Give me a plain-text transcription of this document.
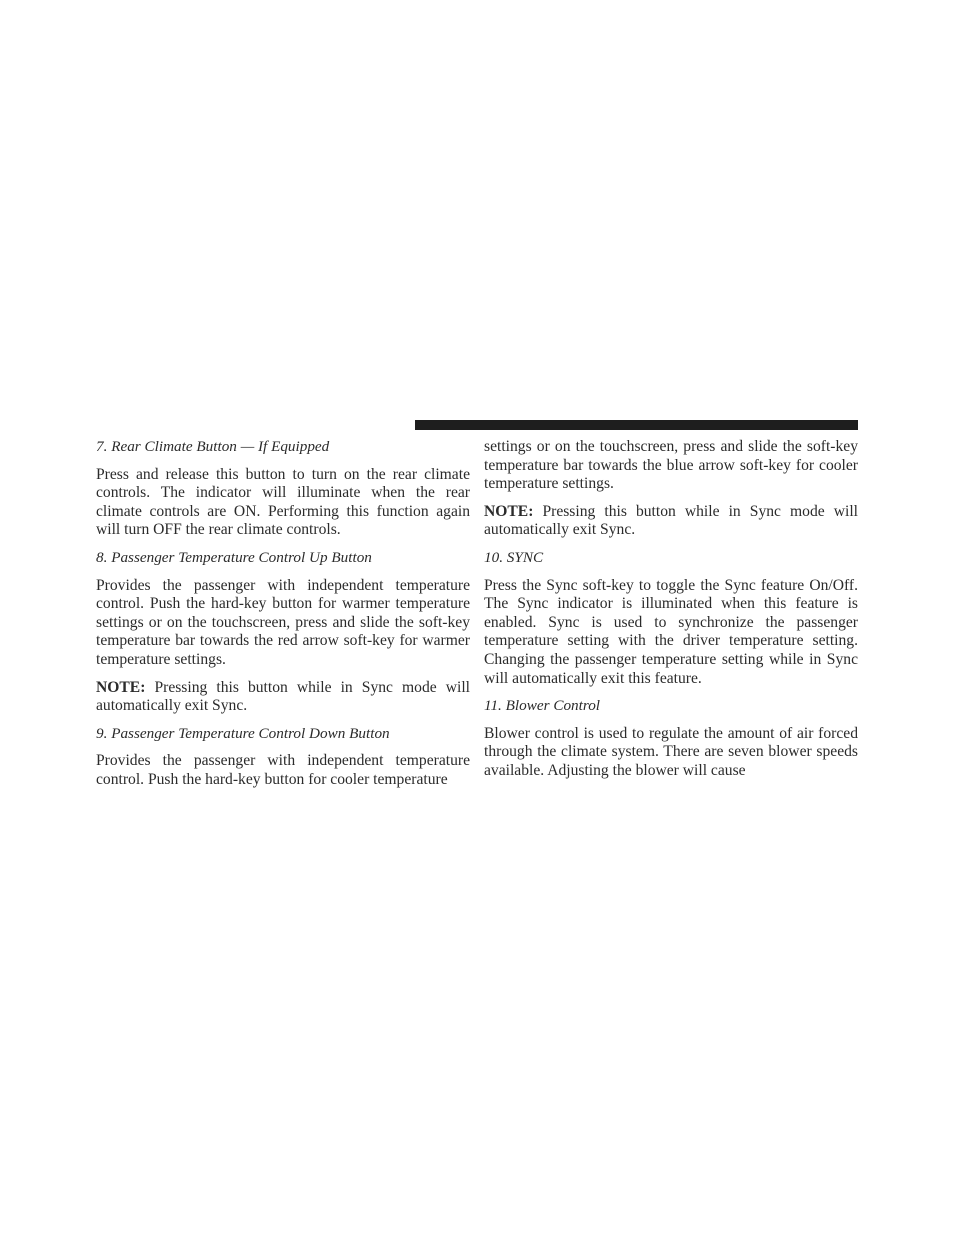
7. Rear Climate Button — If Equipped

Press and release this button to turn on the rear climate controls. The indicator will illuminate when the rear climate controls are ON. Performing this function again will turn OFF the rear climate controls.

8. Passenger Temperature Control Up Button

Provides the passenger with independent temperature control. Push the hard-key button for warmer temperature settings or on the touchscreen, press and slide the soft-key temperature bar towards the red arrow soft-key for warmer temperature settings.

NOTE: Pressing this button while in Sync mode will automatically exit Sync.

9. Passenger Temperature Control Down Button

Provides the passenger with independent temperature control. Push the hard-key button for cooler temperature

settings or on the touchscreen, press and slide the soft-key temperature bar towards the blue arrow soft-key for cooler temperature settings.

NOTE: Pressing this button while in Sync mode will automatically exit Sync.

10. SYNC

Press the Sync soft-key to toggle the Sync feature On/Off. The Sync indicator is illuminated when this feature is enabled. Sync is used to synchronize the passenger temperature setting with the driver temperature setting. Changing the passenger temperature setting while in Sync will automatically exit this feature.

11. Blower Control

Blower control is used to regulate the amount of air forced through the climate system. There are seven blower speeds available. Adjusting the blower will cause
